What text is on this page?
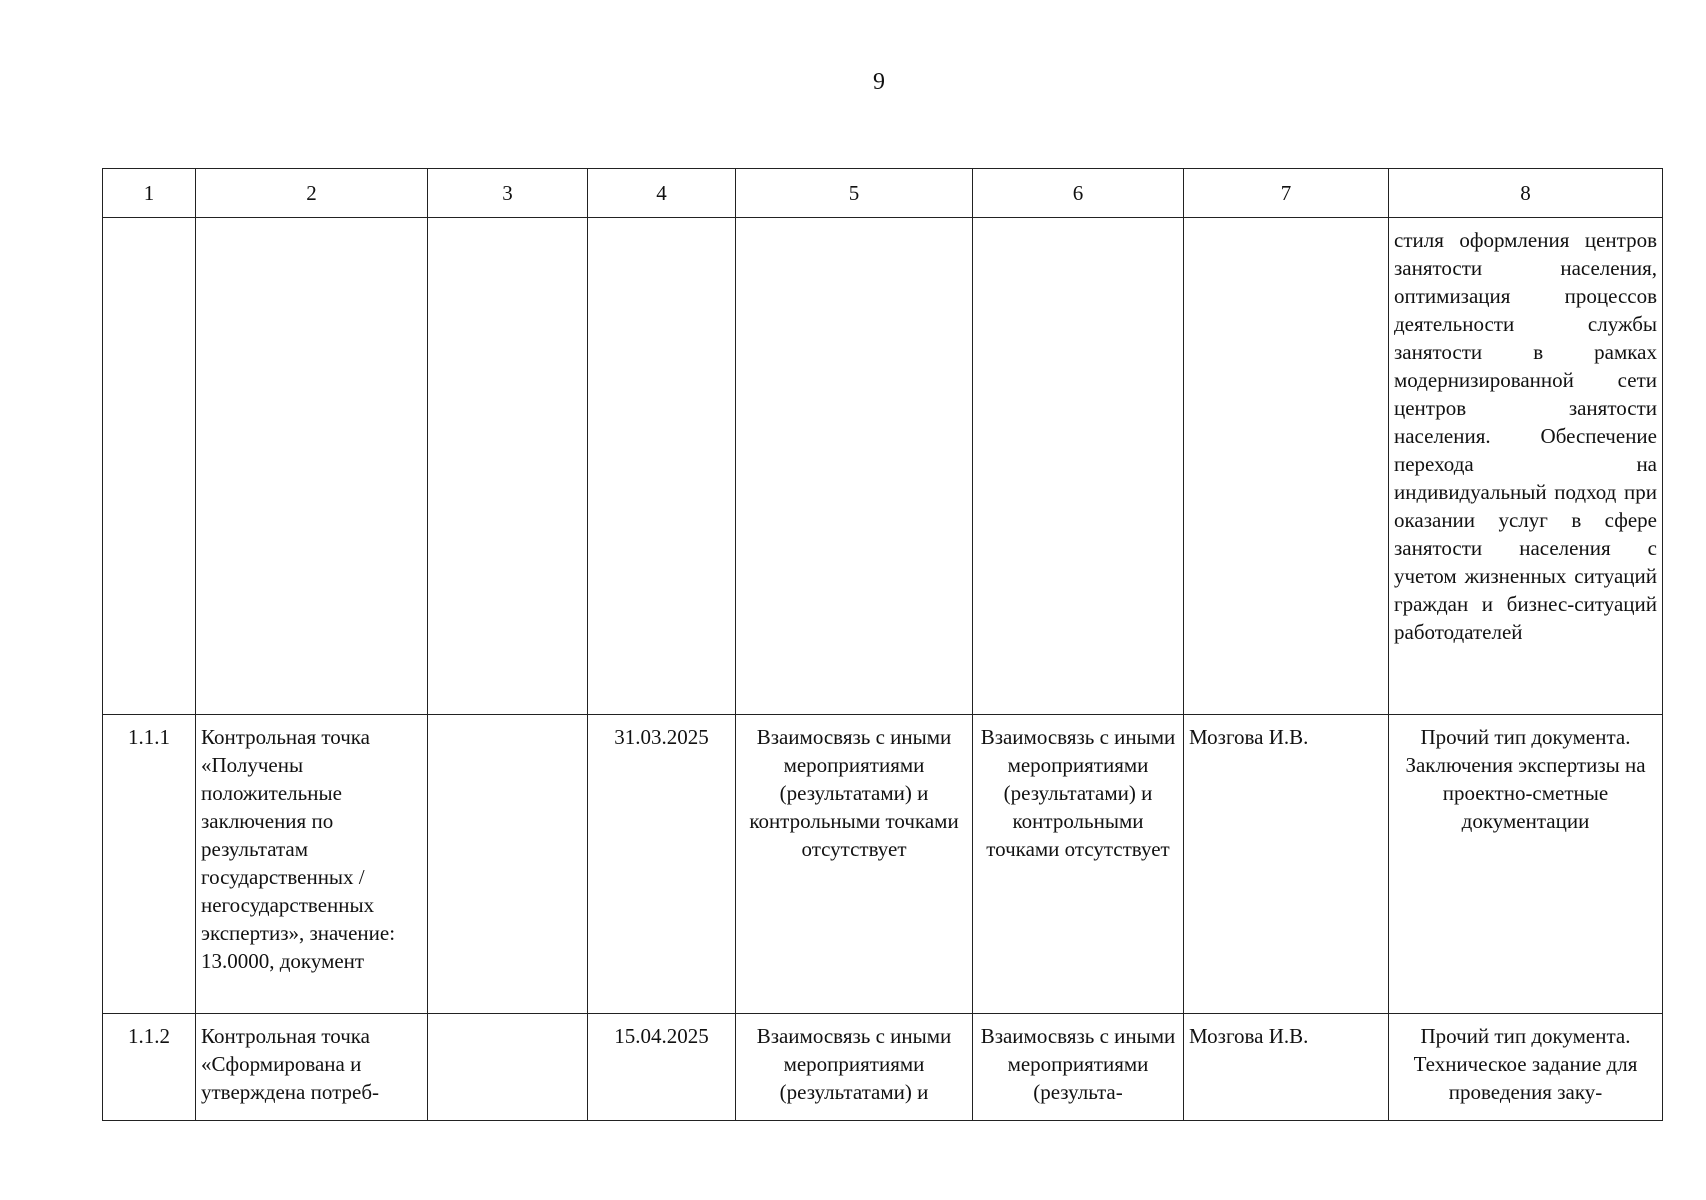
9
1	2	3	4	5	6	7	8
							стиля оформления центров занятости населения, оптимизация процессов деятельности службы занятости в рамках модернизированной сети центров занятости населения. Обеспечение перехода на индивидуальный подход при оказании услуг в сфере занятости населения с учетом жизненных ситуаций граждан и бизнес-ситуаций работодателей
1.1.1	Контрольная точка «Получены положительные заключения по результатам государственных / негосударственных экспертиз», значение: 13.0000, документ		31.03.2025	Взаимосвязь с иными мероприятиями (результатами) и контрольными точками отсутствует	Взаимосвязь с иными мероприятиями (результатами) и контрольными точками отсутствует	Мозгова И.В.	Прочий тип документа. Заключения экспертизы на проектно-сметные документации
1.1.2	Контрольная точка «Сформирована и утверждена потреб-		15.04.2025	Взаимосвязь с иными мероприятиями (результатами) и	Взаимосвязь с иными мероприятиями (результа-	Мозгова И.В.	Прочий тип документа. Техническое задание для проведения заку-
